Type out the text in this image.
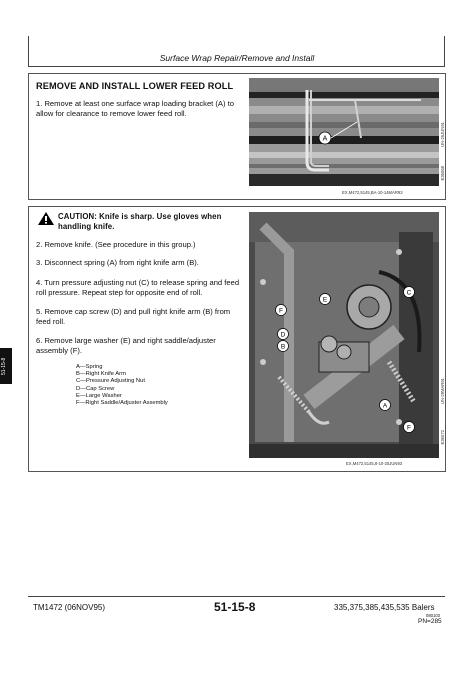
Surface Wrap Repair/Remove and Install
REMOVE AND INSTALL LOWER FEED ROLL
1. Remove at least one surface wrap loading bracket (A) to allow for clearance to remove lower feed roll.
A	UN-26JUN91
E36068
EX,M472,5145,BA-10-14MAR93
CAUTION: Knife is sharp. Use gloves when handling knife.
2. Remove knife. (See procedure in this group.)
3. Disconnect spring (A) from right knife arm (B).
4. Turn pressure adjusting nut (C) to release spring and feed roll pressure. Repeat step for opposite end of roll.
5. Remove cap screw (D) and pull right knife arm (B) from feed roll.
6. Remove large washer (E) and right saddle/adjuster assembly (F).
A—Spring
B—Right Knife Arm
C—Pressure Adjusting Nut
D—Cap Screw
E—Large Washer
F—Right Saddle/Adjuster Assembly
F
E
C
D
B
A
F
UN-29MAR91
E36072
EX,M472,5145,8-10-25JUN93
51-15-8
TM1472 (06NOV95)	51-15-8	335,375,385,435,535 Balers
080103
PN=285
